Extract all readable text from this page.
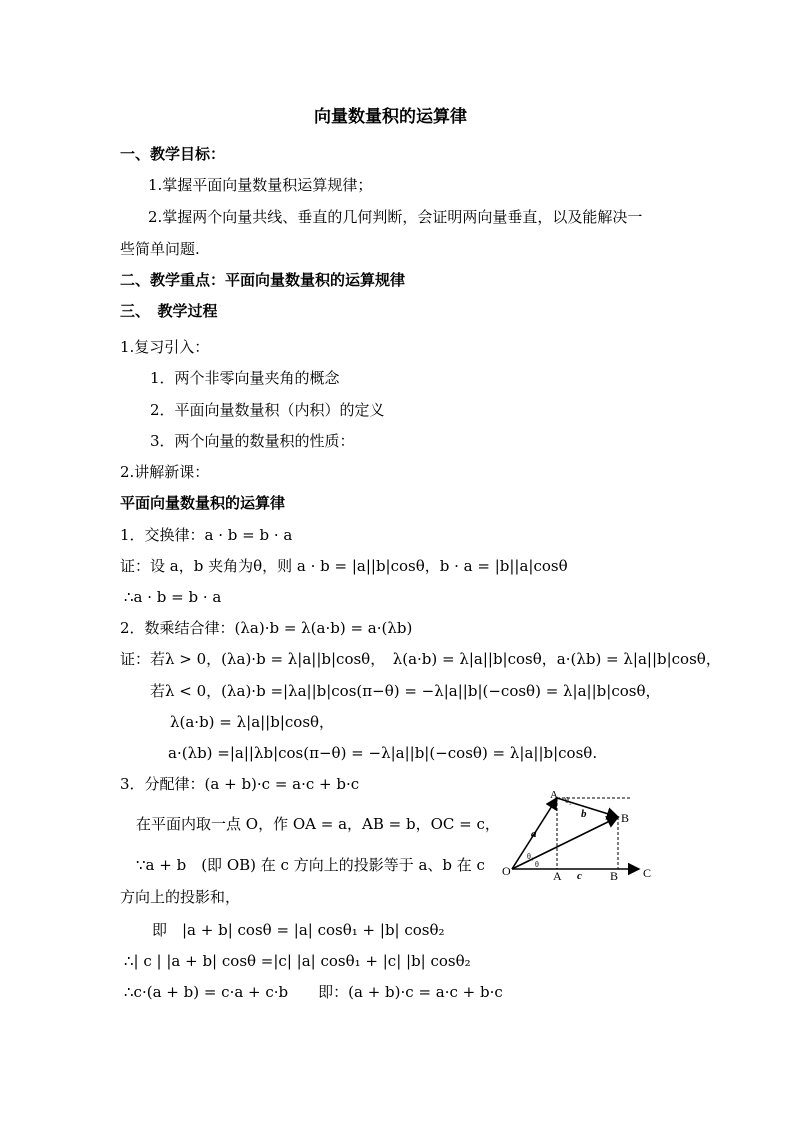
向量数量积的运算律
一、教学目标：
1.掌握平面向量数量积运算规律；
2.掌握两个向量共线、垂直的几何判断，会证明两向量垂直，以及能解决一
些简单问题.
二、教学重点：平面向量数量积的运算规律
三、　教学过程
1.复习引入：
1．两个非零向量夹角的概念
2．平面向量数量积（内积）的定义
3．两个向量的数量积的性质：
2.讲解新课：
平面向量数量积的运算律
1．交换律：a · b = b · a
证：设 a，b 夹角为θ，则 a · b = |a||b|cosθ，b · a = |b||a|cosθ
∴a · b = b · a
2．数乘结合律：(λa)·b = λ(a·b) = a·(λb)
证：若λ > 0，(λa)·b = λ|a||b|cosθ，　λ(a·b) = λ|a||b|cosθ，a·(λb) = λ|a||b|cosθ，
若λ < 0，(λa)·b =|λa||b|cos(π−θ) = −λ|a||b|(−cosθ) = λ|a||b|cosθ，
λ(a·b) = λ|a||b|cosθ，
a·(λb) =|a||λb|cos(π−θ) = −λ|a||b|(−cosθ) = λ|a||b|cosθ.
3．分配律：(a + b)·c = a·c + b·c
在平面内取一点 O，作 OA = a，AB = b，OC = c，
∵a + b　(即 OB) 在 c 方向上的投影等于 a、b 在 c
方向上的投影和，
即　|a + b| cosθ = |a| cosθ₁ + |b| cosθ₂
∴| c | |a + b| cosθ =|c| |a| cosθ₁ + |c| |b| cosθ₂
∴c·(a + b) = c·a + c·b　　即：(a + b)·c = a·c + b·c
O
A
B
C
A	B
a
b
c
θ₁
θ
θ₂
